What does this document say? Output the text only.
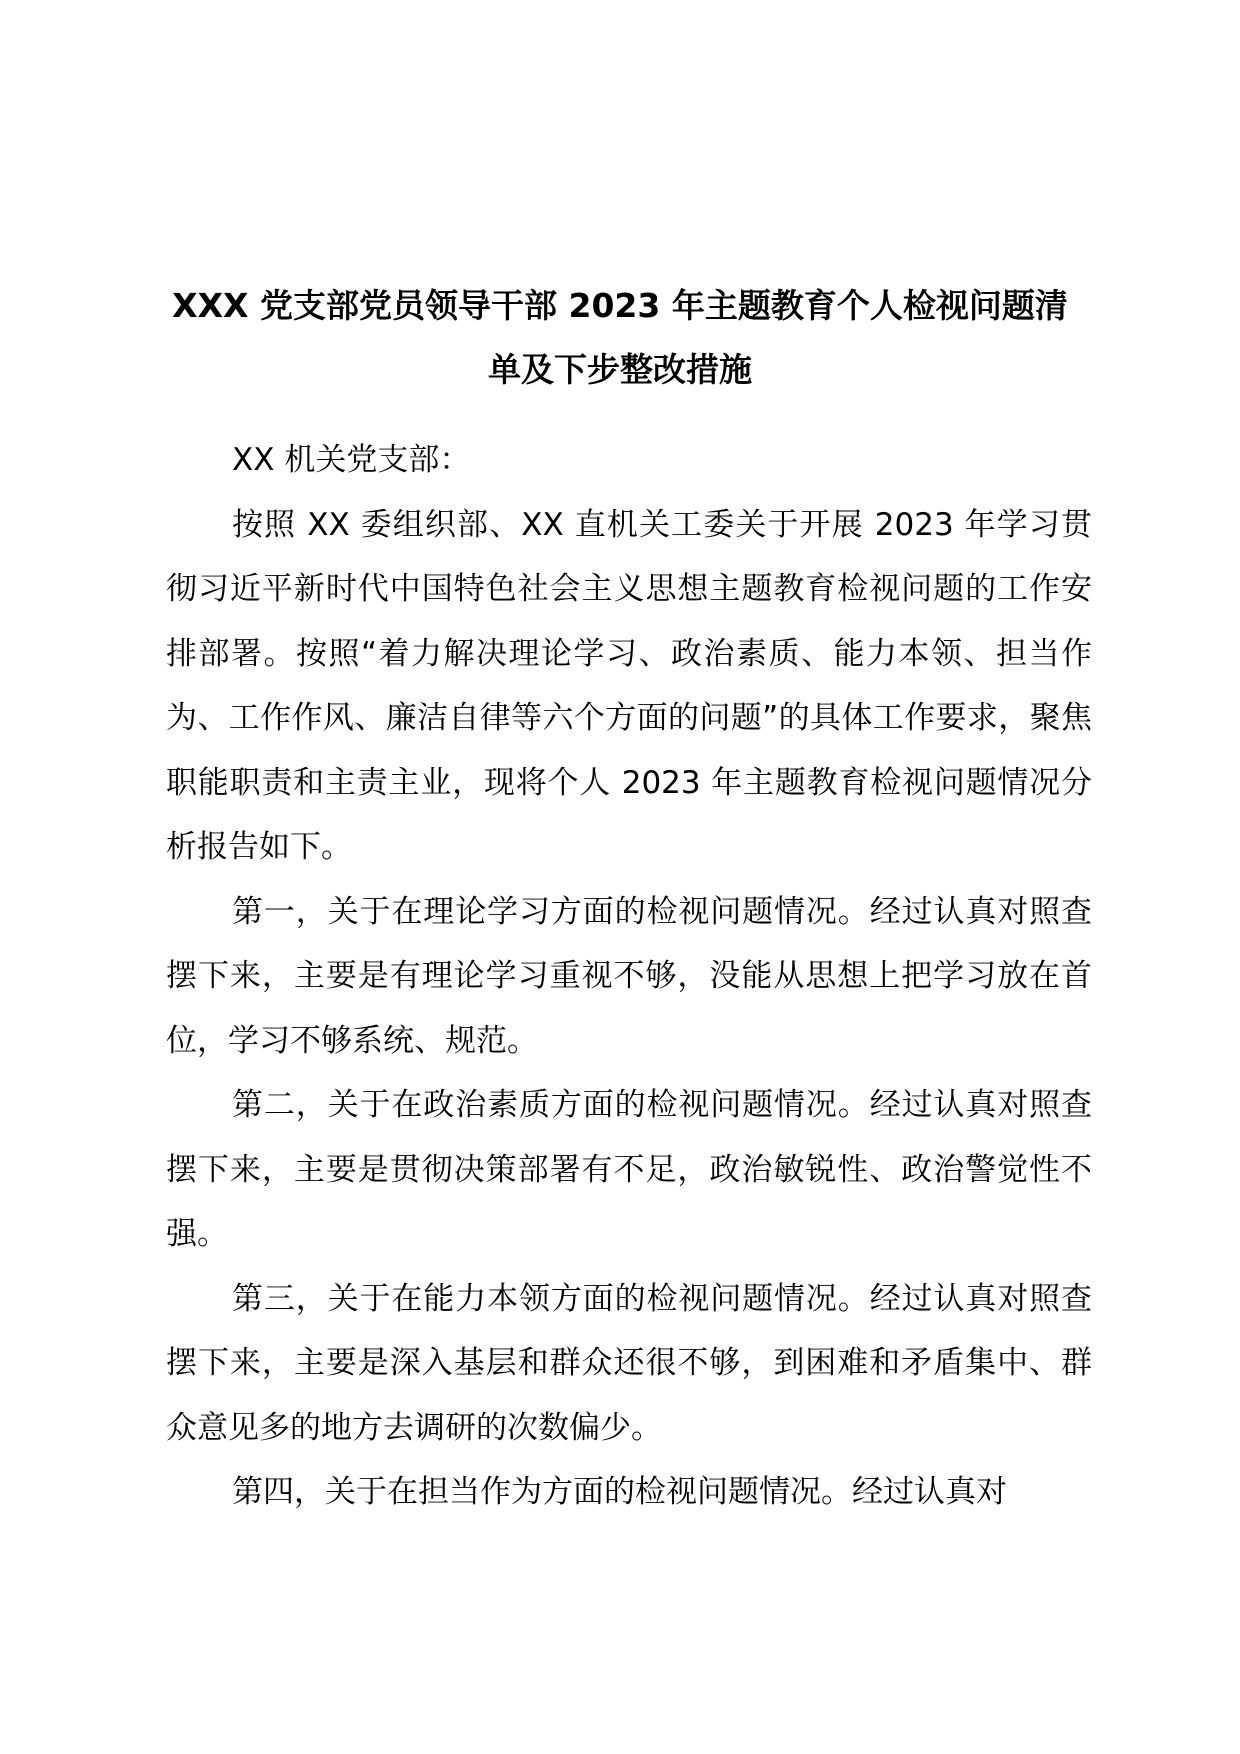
XXX 党支部党员领导干部 2023 年主题教育个人检视问题清
单及下步整改措施

XX 机关党支部：

按照 XX 委组织部、XX 直机关工委关于开展 2023 年学习贯彻习近平新时代中国特色社会主义思想主题教育检视问题的工作安排部署。按照“着力解决理论学习、政治素质、能力本领、担当作为、工作作风、廉洁自律等六个方面的问题”的具体工作要求，聚焦职能职责和主责主业，现将个人 2023 年主题教育检视问题情况分析报告如下。

第一，关于在理论学习方面的检视问题情况。经过认真对照查摆下来，主要是有理论学习重视不够，没能从思想上把学习放在首位，学习不够系统、规范。

第二，关于在政治素质方面的检视问题情况。经过认真对照查摆下来，主要是贯彻决策部署有不足，政治敏锐性、政治警觉性不强。

第三，关于在能力本领方面的检视问题情况。经过认真对照查摆下来，主要是深入基层和群众还很不够，到困难和矛盾集中、群众意见多的地方去调研的次数偏少。

第四，关于在担当作为方面的检视问题情况。经过认真对
